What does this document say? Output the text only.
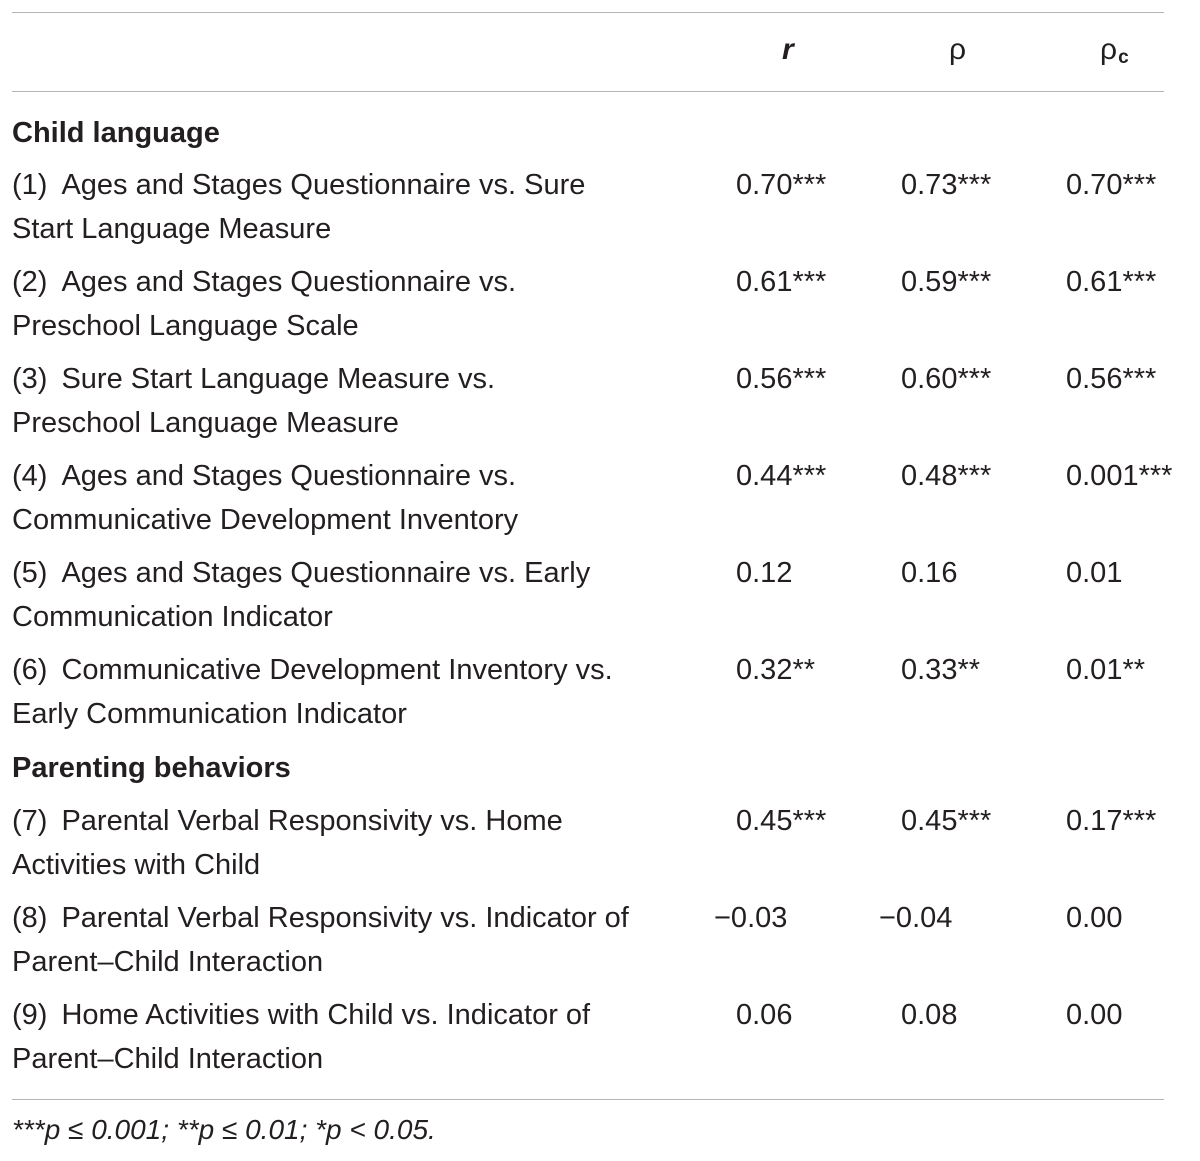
r	ρ	$\rho_c$
Child language
(1) Ages and Stages Questionnaire vs. Sure
Start Language Measure
0.70***	0.73***	0.70***
(2) Ages and Stages Questionnaire vs.
Preschool Language Scale
0.61***	0.59***	0.61***
(3) Sure Start Language Measure vs.
Preschool Language Measure
0.56***	0.60***	0.56***
(4) Ages and Stages Questionnaire vs.
Communicative Development Inventory
0.44***	0.48***	0.001***
(5) Ages and Stages Questionnaire vs. Early
Communication Indicator
0.12	0.16	0.01
(6) Communicative Development Inventory vs.
Early Communication Indicator
0.32**	0.33**	0.01**
Parenting behaviors
(7) Parental Verbal Responsivity vs. Home
Activities with Child
0.45***	0.45***	0.17***
(8) Parental Verbal Responsivity vs. Indicator of
Parent–Child Interaction
−0.03	−0.04	0.00
(9) Home Activities with Child vs. Indicator of
Parent–Child Interaction
0.06	0.08	0.00
***p ≤ 0.001; **p ≤ 0.01; *p < 0.05.
